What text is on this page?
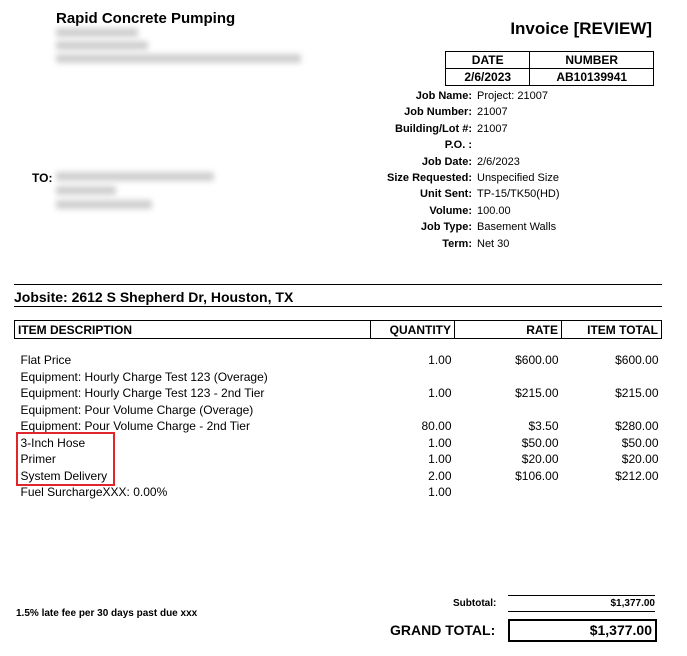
Rapid Concrete Pumping
Invoice [REVIEW]
DATE	NUMBER
2/6/2023	AB10139941
Job Name: Project: 21007
Job Number: 21007
Building/Lot #: 21007
P.O. :
Job Date: 2/6/2023
Size Requested: Unspecified Size
Unit Sent: TP-15/TK50(HD)
Volume: 100.00
Job Type: Basement Walls
Term: Net 30
TO:
Jobsite: 2612 S Shepherd Dr, Houston, TX
ITEM DESCRIPTION	QUANTITY	RATE	ITEM TOTAL

Flat Price	1.00	$600.00	$600.00
Equipment: Hourly Charge Test 123 (Overage)			
Equipment: Hourly Charge Test 123 - 2nd Tier	1.00	$215.00	$215.00
Equipment: Pour Volume Charge (Overage)			
Equipment: Pour Volume Charge - 2nd Tier	80.00	$3.50	$280.00
3-Inch Hose	1.00	$50.00	$50.00
Primer	1.00	$20.00	$20.00
System Delivery	2.00	$106.00	$212.00
Fuel SurchargeXXX: 0.00%	1.00		
1.5% late fee per 30 days past due xxx
Subtotal:	$1,377.00
GRAND TOTAL:	$1,377.00
